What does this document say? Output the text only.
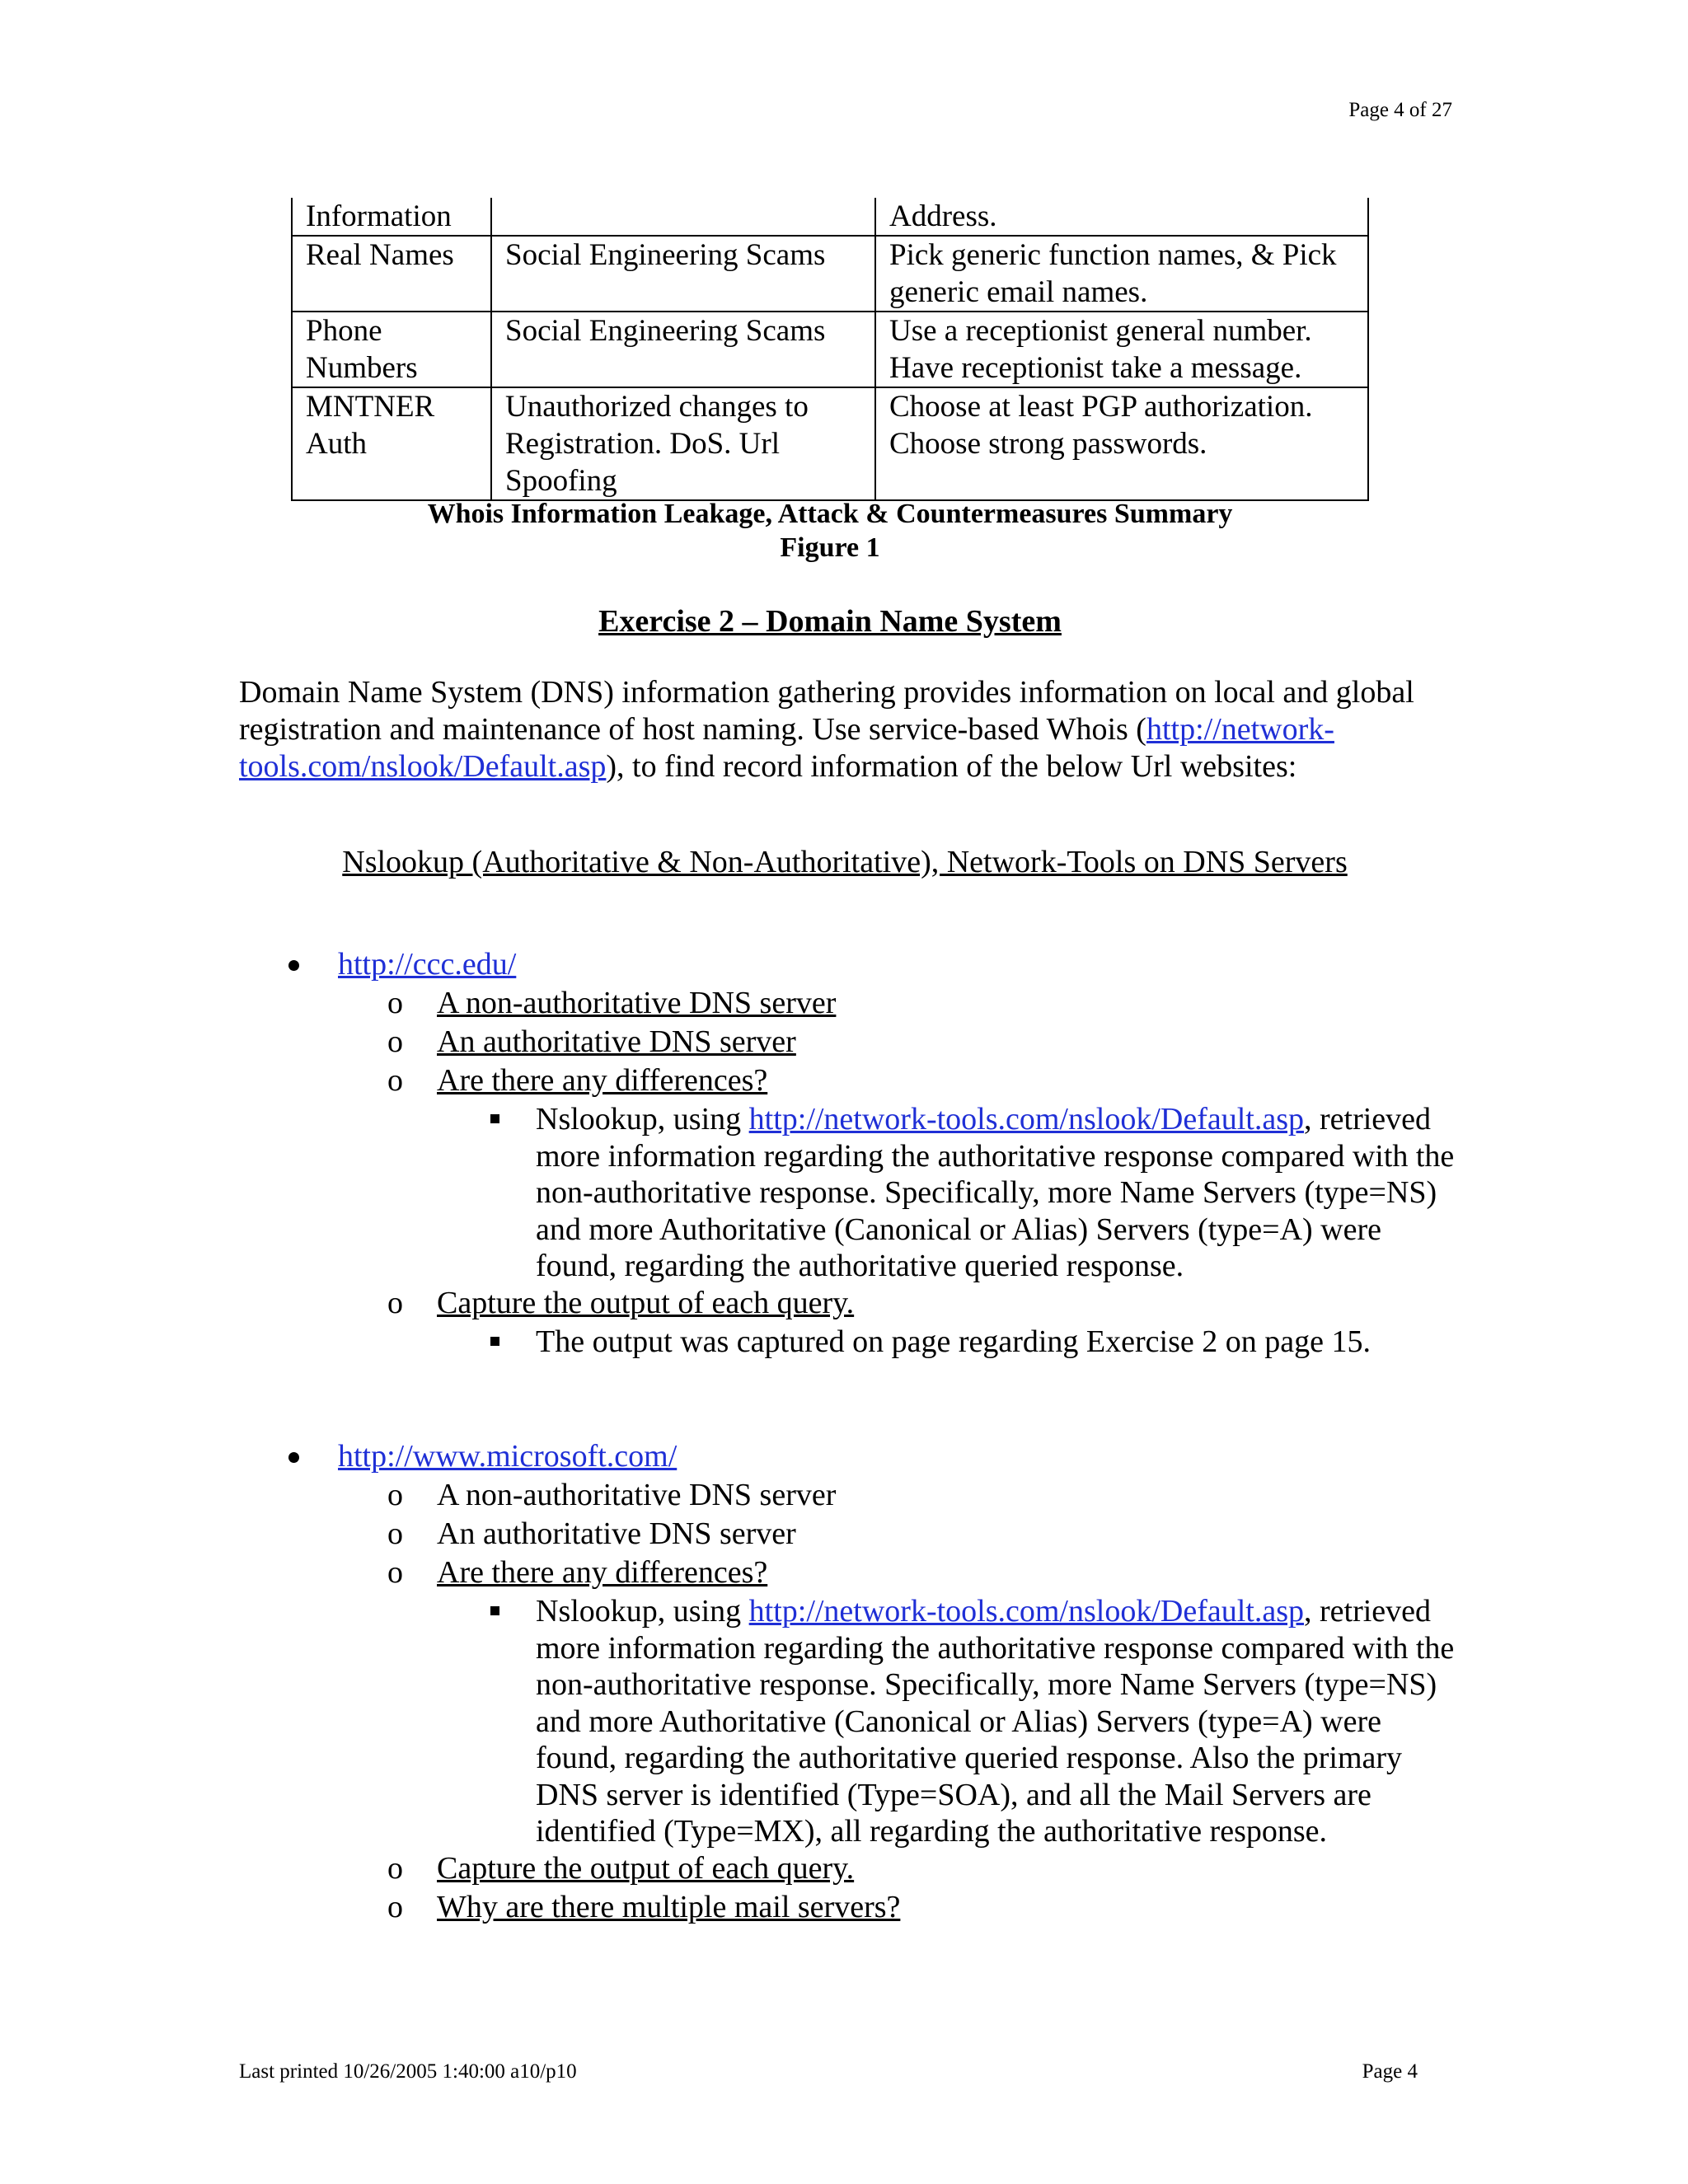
Page 4 of 27
Information		Address.
Real Names	Social Engineering Scams	Pick generic function names, & Pick generic email names.
Phone Numbers	Social Engineering Scams	Use a receptionist general number. Have receptionist take a message.
MNTNER Auth	Unauthorized changes to Registration. DoS. Url Spoofing	Choose at least PGP authorization. Choose strong passwords.
Whois Information Leakage, Attack & Countermeasures Summary
Figure 1
Exercise 2 – Domain Name System
Domain Name System (DNS) information gathering provides information on local and global registration and maintenance of host naming. Use service-based Whois (http://network-tools.com/nslook/Default.asp), to find record information of the below Url websites:
Nslookup (Authoritative & Non-Authoritative), Network-Tools on DNS Servers
http://ccc.edu/
o A non-authoritative DNS server
o An authoritative DNS server
o Are there any differences?
Nslookup, using http://network-tools.com/nslook/Default.asp, retrieved more information regarding the authoritative response compared with the non-authoritative response. Specifically, more Name Servers (type=NS) and more Authoritative (Canonical or Alias) Servers (type=A) were found, regarding the authoritative queried response.
o Capture the output of each query.
The output was captured on page regarding Exercise 2 on page 15.
http://www.microsoft.com/
o A non-authoritative DNS server
o An authoritative DNS server
o Are there any differences?
Nslookup, using http://network-tools.com/nslook/Default.asp, retrieved more information regarding the authoritative response compared with the non-authoritative response. Specifically, more Name Servers (type=NS) and more Authoritative (Canonical or Alias) Servers (type=A) were found, regarding the authoritative queried response. Also the primary DNS server is identified (Type=SOA), and all the Mail Servers are identified (Type=MX), all regarding the authoritative response.
o Capture the output of each query.
o Why are there multiple mail servers?
Last printed 10/26/2005 1:40:00 a10/p10	Page 4
